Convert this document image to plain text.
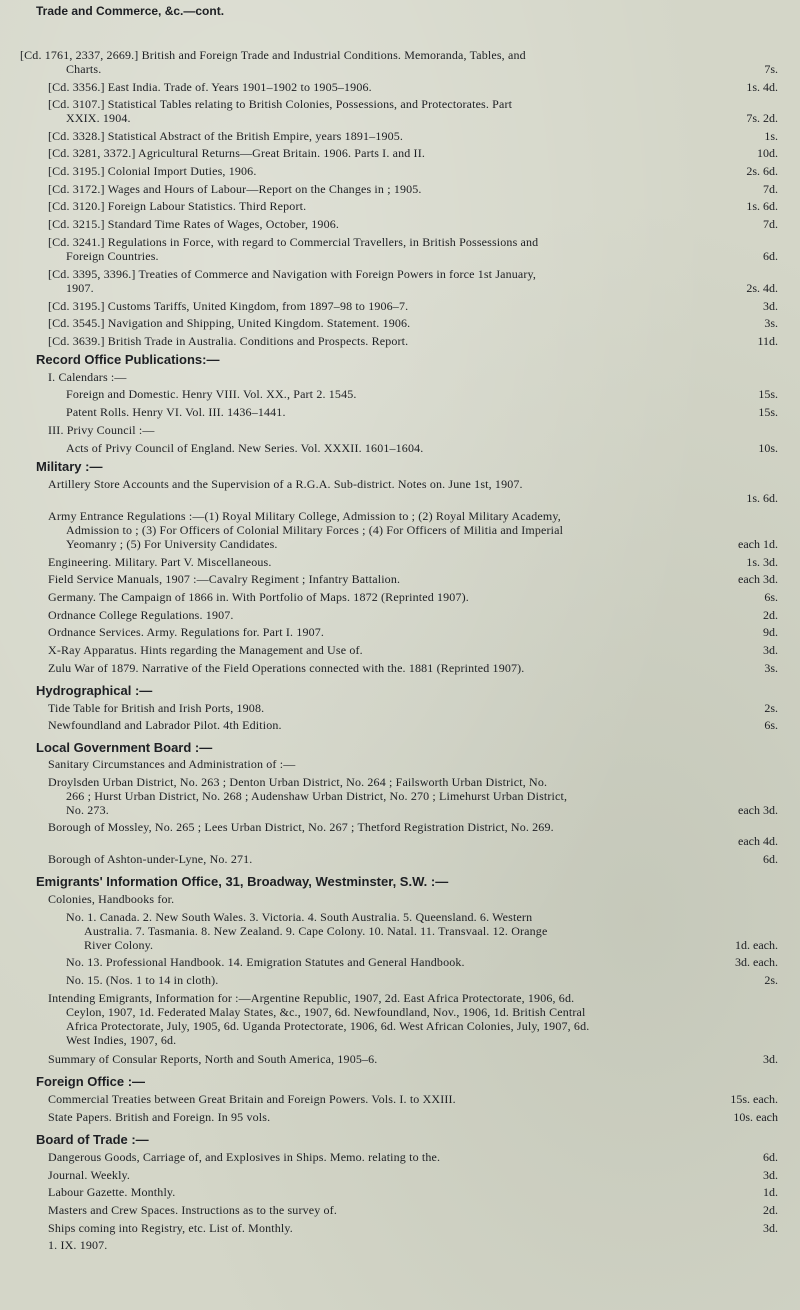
Trade and Commerce, &c.—cont.
[Cd. 1761, 2337, 2669.] British and Foreign Trade and Industrial Conditions. Memoranda, Tables, and
Charts.	7s.
[Cd. 3356.] East India. Trade of. Years 1901–1902 to 1905–1906.	1s. 4d.
[Cd. 3107.] Statistical Tables relating to British Colonies, Possessions, and Protectorates. Part
XXIX. 1904.	7s. 2d.
[Cd. 3328.] Statistical Abstract of the British Empire, years 1891–1905.	1s.
[Cd. 3281, 3372.] Agricultural Returns—Great Britain. 1906. Parts I. and II.	10d.
[Cd. 3195.] Colonial Import Duties, 1906.	2s. 6d.
[Cd. 3172.] Wages and Hours of Labour—Report on the Changes in ; 1905.	7d.
[Cd. 3120.] Foreign Labour Statistics. Third Report.	1s. 6d.
[Cd. 3215.] Standard Time Rates of Wages, October, 1906.	7d.
[Cd. 3241.] Regulations in Force, with regard to Commercial Travellers, in British Possessions and
Foreign Countries.	6d.
[Cd. 3395, 3396.] Treaties of Commerce and Navigation with Foreign Powers in force 1st January,
1907.	2s. 4d.
[Cd. 3195.] Customs Tariffs, United Kingdom, from 1897–98 to 1906–7.	3d.
[Cd. 3545.] Navigation and Shipping, United Kingdom. Statement. 1906.	3s.
[Cd. 3639.] British Trade in Australia. Conditions and Prospects. Report.	11d.
Record Office Publications:—
I. Calendars :—
Foreign and Domestic. Henry VIII. Vol. XX., Part 2. 1545.	15s.
Patent Rolls. Henry VI. Vol. III. 1436–1441.	15s.
III. Privy Council :—
Acts of Privy Council of England. New Series. Vol. XXXII. 1601–1604.	10s.
Military :—
Artillery Store Accounts and the Supervision of a R.G.A. Sub-district. Notes on. June 1st, 1907.
1s. 6d.
Army Entrance Regulations :—(1) Royal Military College, Admission to ; (2) Royal Military Academy,
Admission to ; (3) For Officers of Colonial Military Forces ; (4) For Officers of Militia and Imperial
Yeomanry ; (5) For University Candidates.	each 1d.
Engineering. Military. Part V. Miscellaneous.	1s. 3d.
Field Service Manuals, 1907 :—Cavalry Regiment ; Infantry Battalion.	each 3d.
Germany. The Campaign of 1866 in. With Portfolio of Maps. 1872 (Reprinted 1907).	6s.
Ordnance College Regulations. 1907.	2d.
Ordnance Services. Army. Regulations for. Part I. 1907.	9d.
X-Ray Apparatus. Hints regarding the Management and Use of.	3d.
Zulu War of 1879. Narrative of the Field Operations connected with the. 1881 (Reprinted 1907).	3s.
Hydrographical :—
Tide Table for British and Irish Ports, 1908.	2s.
Newfoundland and Labrador Pilot. 4th Edition.	6s.
Local Government Board :—
Sanitary Circumstances and Administration of :—
Droylsden Urban District, No. 263 ; Denton Urban District, No. 264 ; Failsworth Urban District, No.
266 ; Hurst Urban District, No. 268 ; Audenshaw Urban District, No. 270 ; Limehurst Urban District,
No. 273.	each 3d.
Borough of Mossley, No. 265 ; Lees Urban District, No. 267 ; Thetford Registration District, No. 269.
each 4d.
Borough of Ashton-under-Lyne, No. 271.	6d.
Emigrants' Information Office, 31, Broadway, Westminster, S.W. :—
Colonies, Handbooks for.
No. 1. Canada. 2. New South Wales. 3. Victoria. 4. South Australia. 5. Queensland. 6. Western
Australia. 7. Tasmania. 8. New Zealand. 9. Cape Colony. 10. Natal. 11. Transvaal. 12. Orange
River Colony.	1d. each.
No. 13. Professional Handbook. 14. Emigration Statutes and General Handbook.	3d. each.
No. 15. (Nos. 1 to 14 in cloth).	2s.
Intending Emigrants, Information for :—Argentine Republic, 1907, 2d. East Africa Protectorate, 1906, 6d.
Ceylon, 1907, 1d. Federated Malay States, &c., 1907, 6d. Newfoundland, Nov., 1906, 1d. British Central
Africa Protectorate, July, 1905, 6d. Uganda Protectorate, 1906, 6d. West African Colonies, July, 1907, 6d.
West Indies, 1907, 6d.
Summary of Consular Reports, North and South America, 1905–6.	3d.
Foreign Office :—
Commercial Treaties between Great Britain and Foreign Powers. Vols. I. to XXIII.	15s. each.
State Papers. British and Foreign. In 95 vols.	10s. each
Board of Trade :—
Dangerous Goods, Carriage of, and Explosives in Ships. Memo. relating to the.	6d.
Journal. Weekly.	3d.
Labour Gazette. Monthly.	1d.
Masters and Crew Spaces. Instructions as to the survey of.	2d.
Ships coming into Registry, etc. List of. Monthly.	3d.
1. IX. 1907.
